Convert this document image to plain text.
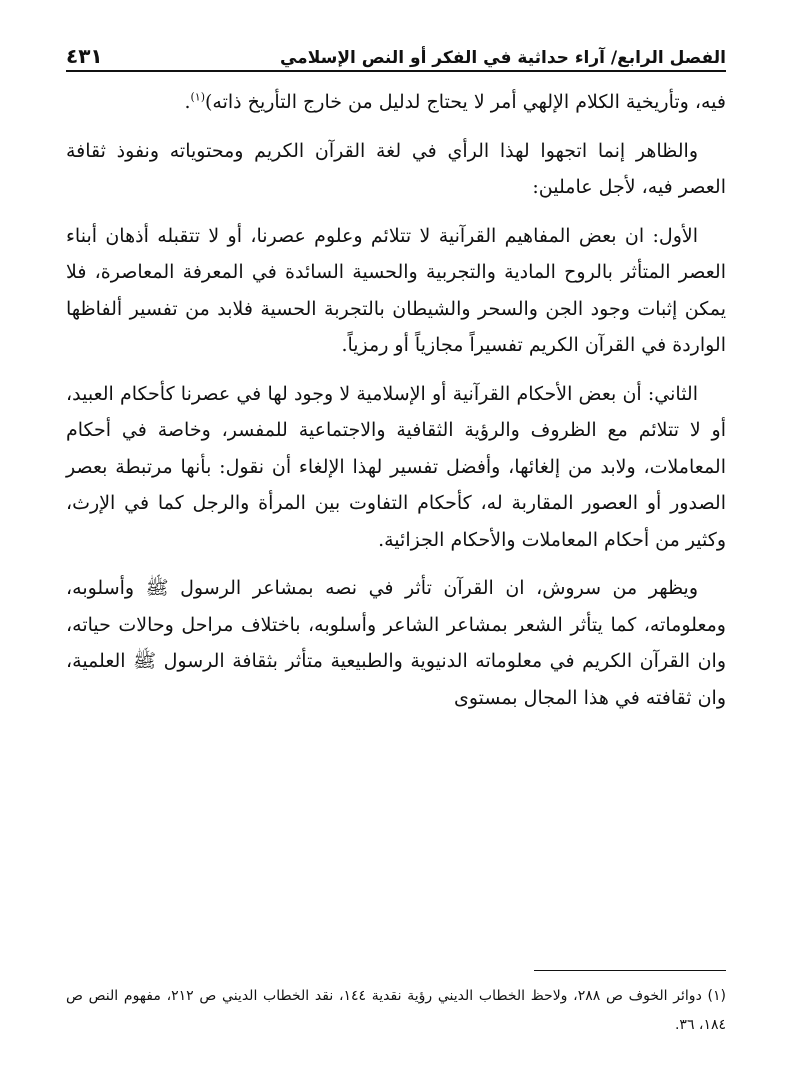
الفصل الرابع/ آراء حداثية في الفكر أو النص الإسلامي
٤٣١

فيه، وتأريخية الكلام الإلهي أمر لا يحتاج لدليل من خارج التأريخ ذاته)$^{(١)}$.

والظاهر إنما اتجهوا لهذا الرأي في لغة القرآن الكريم ومحتوياته ونفوذ ثقافة العصر فيه، لأجل عاملين:

الأول: ان بعض المفاهيم القرآنية لا تتلائم وعلوم عصرنا، أو لا تتقبله أذهان أبناء العصر المتأثر بالروح المادية والتجربية والحسية السائدة في المعرفة المعاصرة، فلا يمكن إثبات وجود الجن والسحر والشيطان بالتجربة الحسية فلابد من تفسير ألفاظها الواردة في القرآن الكريم تفسيراً مجازياً أو رمزياً.

الثاني: أن بعض الأحكام القرآنية أو الإسلامية لا وجود لها في عصرنا كأحكام العبيد، أو لا تتلائم مع الظروف والرؤية الثقافية والاجتماعية للمفسر، وخاصة في أحكام المعاملات، ولابد من إلغائها، وأفضل تفسير لهذا الإلغاء أن نقول: بأنها مرتبطة بعصر الصدور أو العصور المقاربة له، كأحكام التفاوت بين المرأة والرجل كما في الإرث، وكثير من أحكام المعاملات والأحكام الجزائية.

ويظهر من سروش، ان القرآن تأثر في نصه بمشاعر الرسول ﷺ وأسلوبه، ومعلوماته، كما يتأثر الشعر بمشاعر الشاعر وأسلوبه، باختلاف مراحل وحالات حياته، وان القرآن الكريم في معلوماته الدنيوية والطبيعية متأثر بثقافة الرسول ﷺ العلمية، وان ثقافته في هذا المجال بمستوى

(١) دوائر الخوف ص ٢٨٨، ولاحظ الخطاب الديني رؤية نقدية ١٤٤، نقد الخطاب الديني ص ٢١٢، مفهوم النص ص ١٨٤، ٣٦.
